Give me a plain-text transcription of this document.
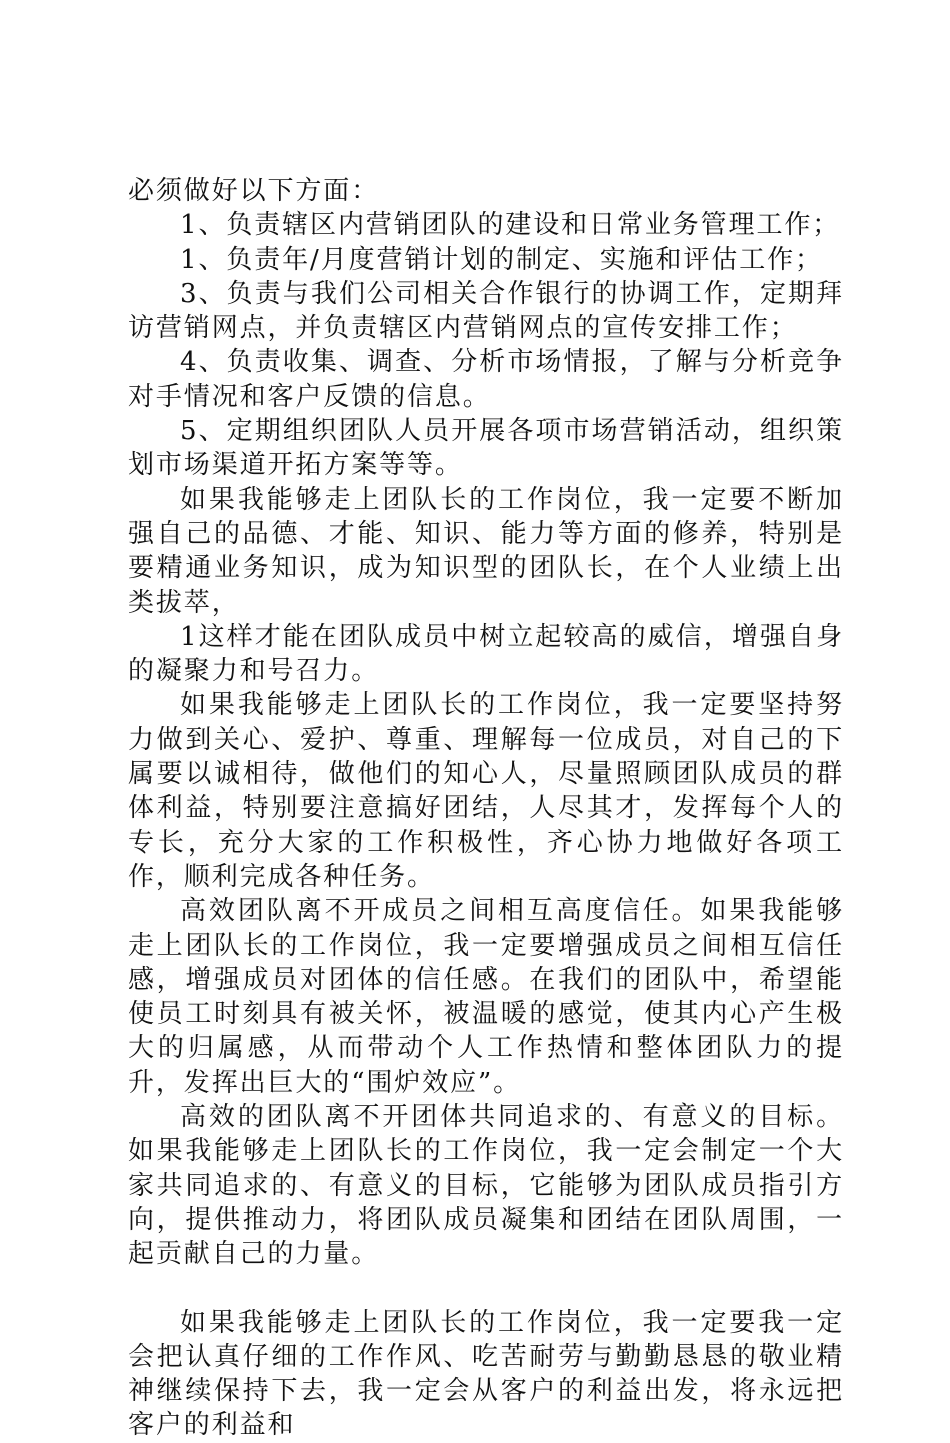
必须做好以下方面：

1、负责辖区内营销团队的建设和日常业务管理工作；

1、负责年/月度营销计划的制定、实施和评估工作；

3、负责与我们公司相关合作银行的协调工作，定期拜访营销网点，并负责辖区内营销网点的宣传安排工作；

4、负责收集、调查、分析市场情报，了解与分析竞争对手情况和客户反馈的信息。

5、定期组织团队人员开展各项市场营销活动，组织策划市场渠道开拓方案等等。

如果我能够走上团队长的工作岗位，我一定要不断加强自己的品德、才能、知识、能力等方面的修养，特别是要精通业务知识，成为知识型的团队长，在个人业绩上出类拔萃，

1这样才能在团队成员中树立起较高的威信，增强自身的凝聚力和号召力。

如果我能够走上团队长的工作岗位，我一定要坚持努力做到关心、爱护、尊重、理解每一位成员，对自己的下属要以诚相待，做他们的知心人，尽量照顾团队成员的群体利益，特别要注意搞好团结，人尽其才，发挥每个人的专长，充分大家的工作积极性，齐心协力地做好各项工作，顺利完成各种任务。

高效团队离不开成员之间相互高度信任。如果我能够走上团队长的工作岗位，我一定要增强成员之间相互信任感，增强成员对团体的信任感。在我们的团队中，希望能使员工时刻具有被关怀，被温暖的感觉，使其内心产生极大的归属感，从而带动个人工作热情和整体团队力的提升，发挥出巨大的“围炉效应”。

高效的团队离不开团体共同追求的、有意义的目标。如果我能够走上团队长的工作岗位，我一定会制定一个大家共同追求的、有意义的目标，它能够为团队成员指引方向，提供推动力，将团队成员凝集和团结在团队周围，一起贡献自己的力量。

如果我能够走上团队长的工作岗位，我一定要我一定会把认真仔细的工作作风、吃苦耐劳与勤勤恳恳的敬业精神继续保持下去，我一定会从客户的利益出发，将永远把客户的利益和
